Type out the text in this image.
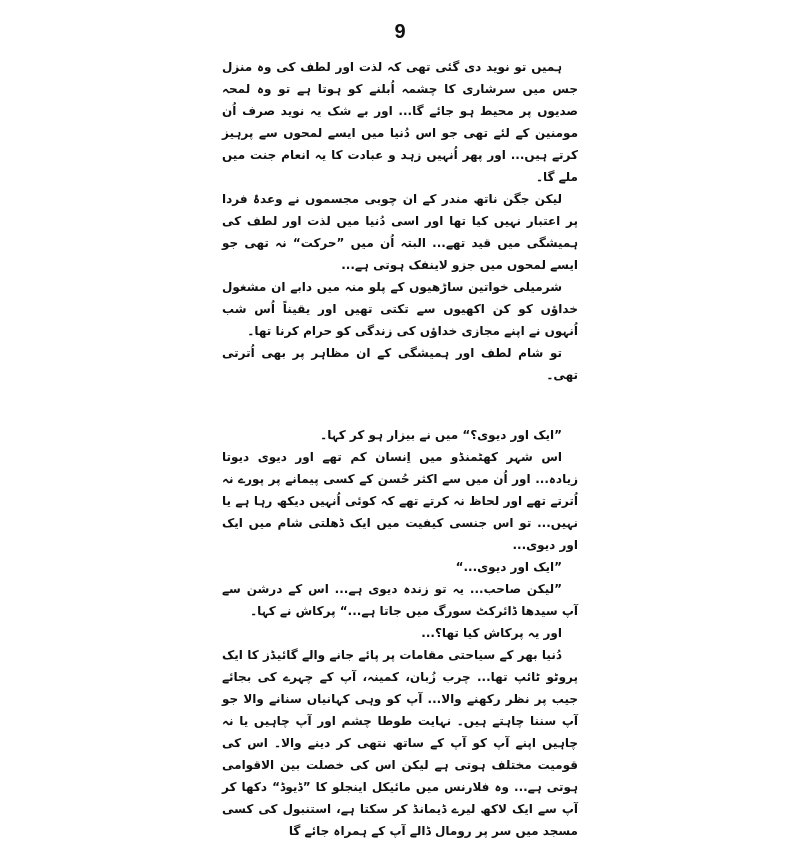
9

ہمیں تو نوید دی گئی تھی کہ لذت اور لطف کی وہ منزل جس میں سرشاری کا چشمہ اُبلنے کو ہوتا ہے تو وہ لمحہ صدیوں پر محیط ہو جائے گا... اور بے شک یہ نوید صرف اُن مومنین کے لئے تھی جو اس دُنیا میں ایسے لمحوں سے پرہیز کرتے ہیں... اور پھر اُنہیں زہد و عبادت کا یہ انعام جنت میں ملے گا۔

لیکن جگن ناتھ مندر کے ان چوبی مجسموں نے وعدۂ فردا پر اعتبار نہیں کیا تھا اور اسی دُنیا میں لذت اور لطف کی ہمیشگی میں قید تھے... البتہ اُن میں ”حرکت“ نہ تھی جو ایسے لمحوں میں جزو لاینفک ہوتی ہے...

شرمیلی خواتین ساڑھیوں کے پلو منہ میں دابے ان مشغول خداؤں کو کن اکھیوں سے تکتی تھیں اور یقیناً اُس شب اُنہوں نے اپنے مجازی خداؤں کی زندگی کو حرام کرنا تھا۔

تو شام لطف اور ہمیشگی کے ان مظاہر پر بھی اُترتی تھی۔

”ایک اور دیوی؟“ میں نے بیزار ہو کر کہا۔

اس شہر کھٹمنڈو میں اِنسان کم تھے اور دیوی دیوتا زیادہ... اور اُن میں سے اکثر حُسن کے کسی پیمانے پر پورے نہ اُترتے تھے اور لحاظ نہ کرتے تھے کہ کوئی اُنہیں دیکھ رہا ہے یا نہیں... تو اس جنسی کیفیت میں ایک ڈھلتی شام میں ایک اور دیوی...

”ایک اور دیوی...“

”لیکن صاحب... یہ تو زندہ دیوی ہے... اس کے درشن سے آپ سیدھا ڈائرکٹ سورگ میں جاتا ہے...“ پرکاش نے کہا۔

اور یہ پرکاش کیا تھا؟...

دُنیا بھر کے سیاحتی مقامات پر پائے جانے والے گائیڈز کا ایک پروٹو ٹائپ تھا... چرب زُبان، کمینہ، آپ کے چہرے کی بجائے جیب پر نظر رکھنے والا... آپ کو وہی کہانیاں سنانے والا جو آپ سننا چاہتے ہیں۔ نہایت طوطا چشم اور آپ چاہیں یا نہ چاہیں اپنے آپ کو آپ کے ساتھ نتھی کر دینے والا۔ اس کی قومیت مختلف ہوتی ہے لیکن اس کی خصلت بین الاقوامی ہوتی ہے... وہ فلارنس میں مائیکل اینجلو کا ”ڈیوڈ“ دکھا کر آپ سے ایک لاکھ لیرے ڈیمانڈ کر سکتا ہے، استنبول کی کسی مسجد میں سر پر رومال ڈالے آپ کے ہمراہ جائے گا
